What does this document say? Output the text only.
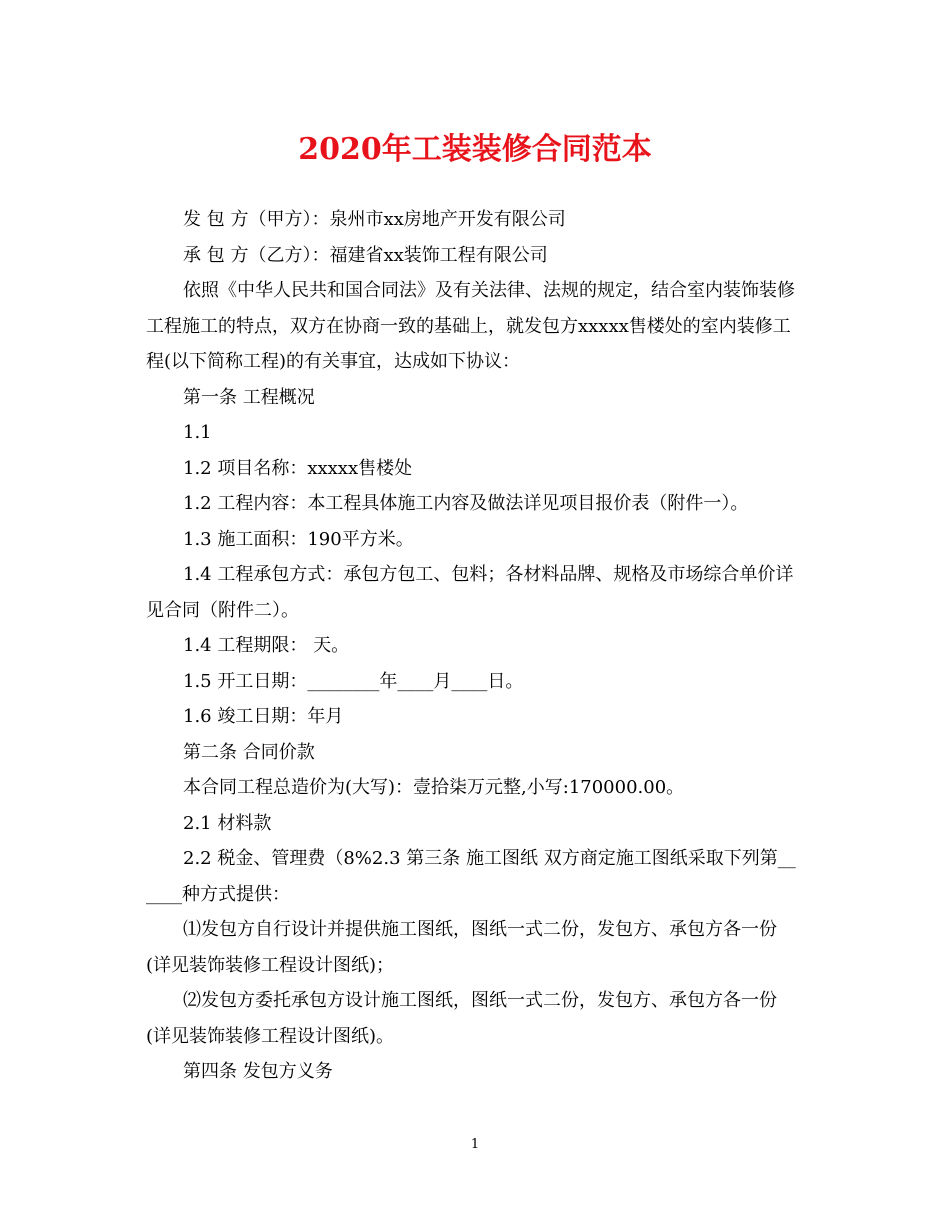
2020年工装装修合同范本

发 包 方（甲方）：泉州市xx房地产开发有限公司

承 包 方（乙方）：福建省xx装饰工程有限公司

依照《中华人民共和国合同法》及有关法律、法规的规定，结合室内装饰装修工程施工的特点，双方在协商一致的基础上，就发包方xxxxx售楼处的室内装修工程(以下简称工程)的有关事宜，达成如下协议：

第一条 工程概况

1.1

1.2 项目名称：xxxxx售楼处

1.2 工程内容：本工程具体施工内容及做法详见项目报价表（附件一）。

1.3 施工面积：190平方米。

1.4 工程承包方式：承包方包工、包料；各材料品牌、规格及市场综合单价详见合同（附件二）。

1.4 工程期限： 天。

1.5 开工日期：________年____月____日。

1.6 竣工日期：年月

第二条 合同价款

本合同工程总造价为(大写)：壹拾柒万元整,小写:170000.00。

2.1 材料款

2.2 税金、管理费（8%2.3 第三条 施工图纸 双方商定施工图纸采取下列第______种方式提供：

⑴发包方自行设计并提供施工图纸，图纸一式二份，发包方、承包方各一份(详见装饰装修工程设计图纸)；

⑵发包方委托承包方设计施工图纸，图纸一式二份，发包方、承包方各一份(详见装饰装修工程设计图纸)。

第四条 发包方义务

1
